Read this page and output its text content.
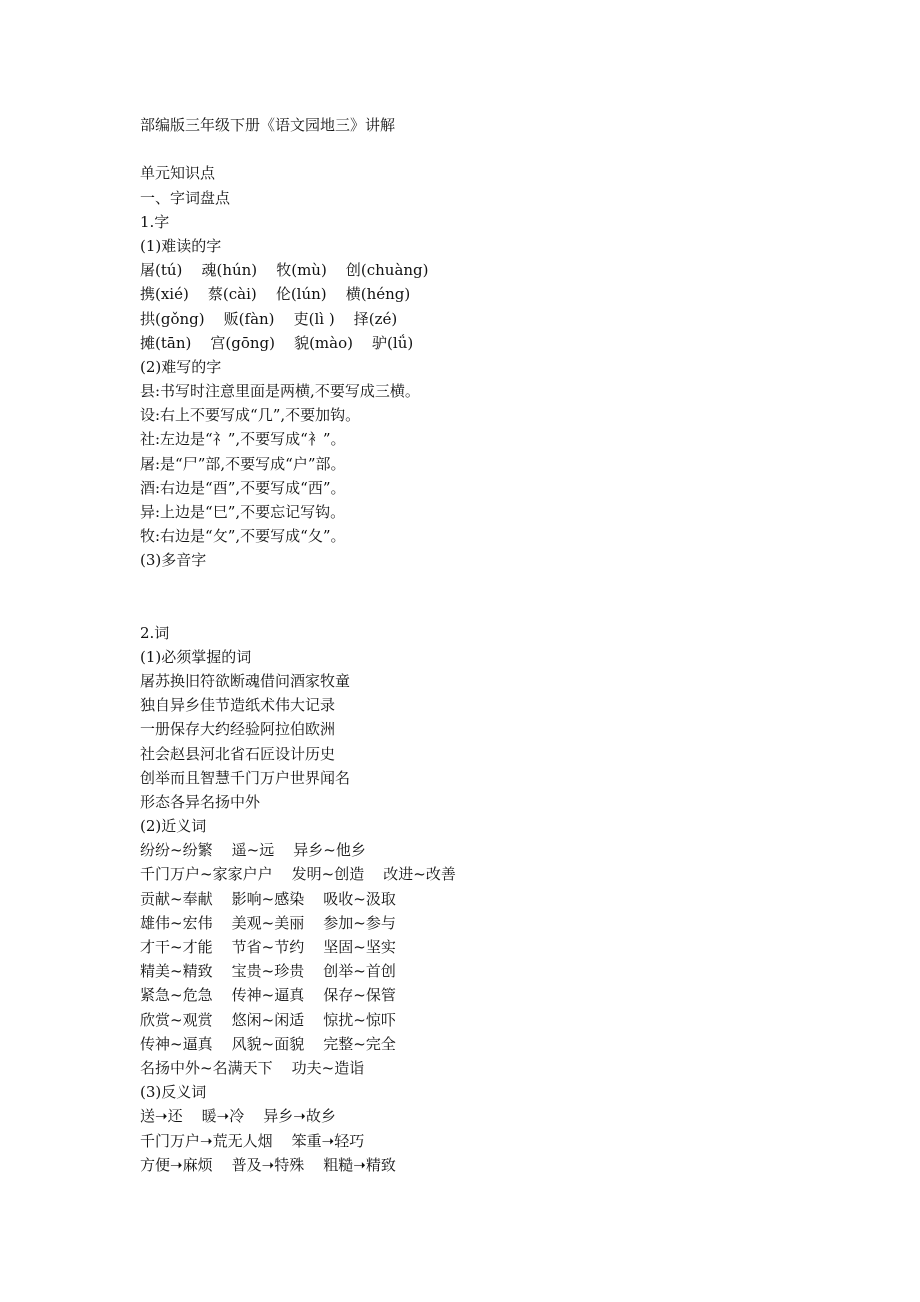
部编版三年级下册《语文园地三》讲解
单元知识点
一、字词盘点
1.字
(1)难读的字
屠(tú)    魂(hún)    牧(mù)    创(chuàng)
携(xié)    蔡(cài)    伦(lún)    横(héng)
拱(gǒng)    贩(fàn)    吏(lì )    择(zé)
摊(tān)    宫(gōng)    貌(mào)    驴(lǘ)
(2)难写的字
县:书写时注意里面是两横,不要写成三横。
设:右上不要写成“几”,不要加钩。
社:左边是“礻”,不要写成“衤”。
屠:是“尸”部,不要写成“户”部。
酒:右边是“酉”,不要写成“西”。
异:上边是“巳”,不要忘记写钩。
牧:右边是“攵”,不要写成“夂”。
(3)多音字
2.词
(1)必须掌握的词
屠苏换旧符欲断魂借问酒家牧童
独自异乡佳节造纸术伟大记录
一册保存大约经验阿拉伯欧洲
社会赵县河北省石匠设计历史
创举而且智慧千门万户世界闻名
形态各异名扬中外
(2)近义词
纷纷~纷繁    遥~远    异乡~他乡
千门万户~家家户户    发明~创造    改进~改善
贡献~奉献    影响~感染    吸收~汲取
雄伟~宏伟    美观~美丽    参加~参与
才干~才能    节省~节约    坚固~坚实
精美~精致    宝贵~珍贵    创举~首创
紧急~危急    传神~逼真    保存~保管
欣赏~观赏    悠闲~闲适    惊扰~惊吓
传神~逼真    风貌~面貌    完整~完全
名扬中外~名满天下    功夫~造诣
(3)反义词
送➝还    暖➝冷    异乡➝故乡
千门万户➝荒无人烟    笨重➝轻巧
方便➝麻烦    普及➝特殊    粗糙➝精致
